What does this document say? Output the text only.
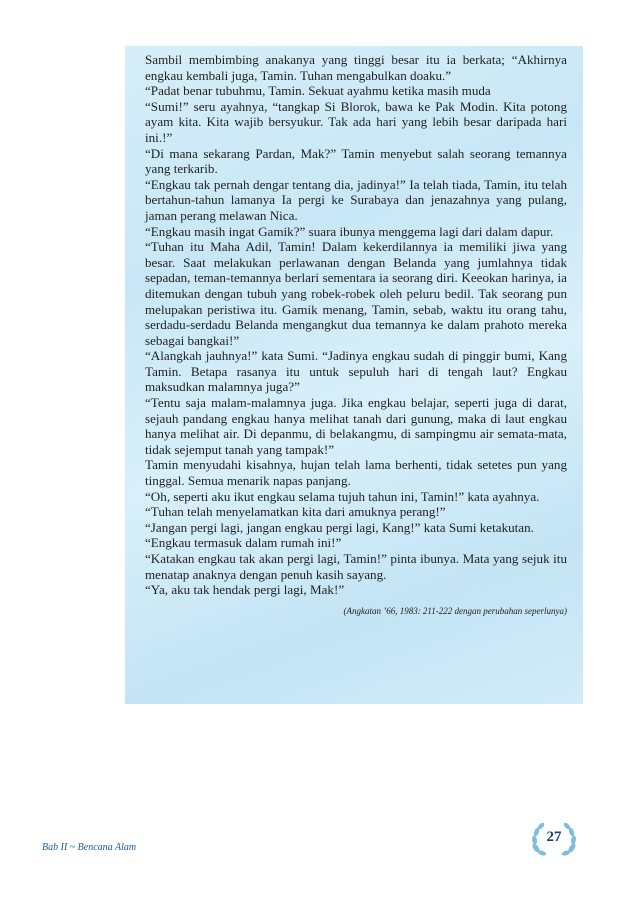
Sambil membimbing anakanya yang tinggi besar itu ia berkata; “Akhirnya engkau kembali juga, Tamin. Tuhan mengabulkan doaku.”

“Padat benar tubuhmu, Tamin. Sekuat ayahmu ketika masih muda

“Sumi!” seru ayahnya, “tangkap Si Blorok, bawa ke Pak Modin. Kita potong ayam kita. Kita wajib bersyukur. Tak ada hari yang lebih besar daripada hari ini.!”

“Di mana sekarang Pardan, Mak?” Tamin menyebut salah seorang temannya yang terkarib.

“Engkau tak pernah dengar tentang dia, jadinya!” Ia telah tiada, Tamin, itu telah bertahun-tahun lamanya Ia pergi ke Surabaya dan jenazahnya yang pulang, jaman perang melawan Nica.

“Engkau masih ingat Gamik?” suara ibunya menggema lagi dari dalam dapur.

“Tuhan itu Maha Adil, Tamin! Dalam kekerdilannya ia memiliki jiwa yang besar. Saat melakukan perlawanan dengan Belanda yang jumlahnya tidak sepadan, teman-temannya berlari sementara ia seorang diri. Keeokan harinya, ia ditemukan dengan tubuh yang robek-robek oleh peluru bedil. Tak seorang pun melupakan peristiwa itu. Gamik menang, Tamin, sebab, waktu itu orang tahu, serdadu-serdadu Belanda mengangkut dua temannya ke dalam prahoto mereka sebagai bangkai!”

“Alangkah jauhnya!” kata Sumi. “Jadinya engkau sudah di pinggir bumi, Kang Tamin. Betapa rasanya itu untuk sepuluh hari di tengah laut? Engkau maksudkan malamnya juga?”

“Tentu saja malam-malamnya juga. Jika engkau belajar, seperti juga di darat, sejauh pandang engkau hanya melihat tanah dari gunung, maka di laut engkau hanya melihat air. Di depanmu, di belakangmu, di sampingmu air semata-mata, tidak sejemput tanah yang tampak!”

Tamin menyudahi kisahnya, hujan telah lama berhenti, tidak setetes pun yang tinggal. Semua menarik napas panjang.

“Oh, seperti aku ikut engkau selama tujuh tahun ini, Tamin!” kata ayahnya.

“Tuhan telah menyelamatkan kita dari amuknya perang!”

“Jangan pergi lagi, jangan engkau pergi lagi, Kang!” kata Sumi ketakutan.

“Engkau termasuk dalam rumah ini!”

“Katakan engkau tak akan pergi lagi, Tamin!” pinta ibunya. Mata yang sejuk itu menatap anaknya dengan penuh kasih sayang.

“Ya, aku tak hendak pergi lagi, Mak!”

(Angkatan ’66, 1983: 211-222 dengan perubahan seperlunya)

Bab II ~ Bencana Alam
27
